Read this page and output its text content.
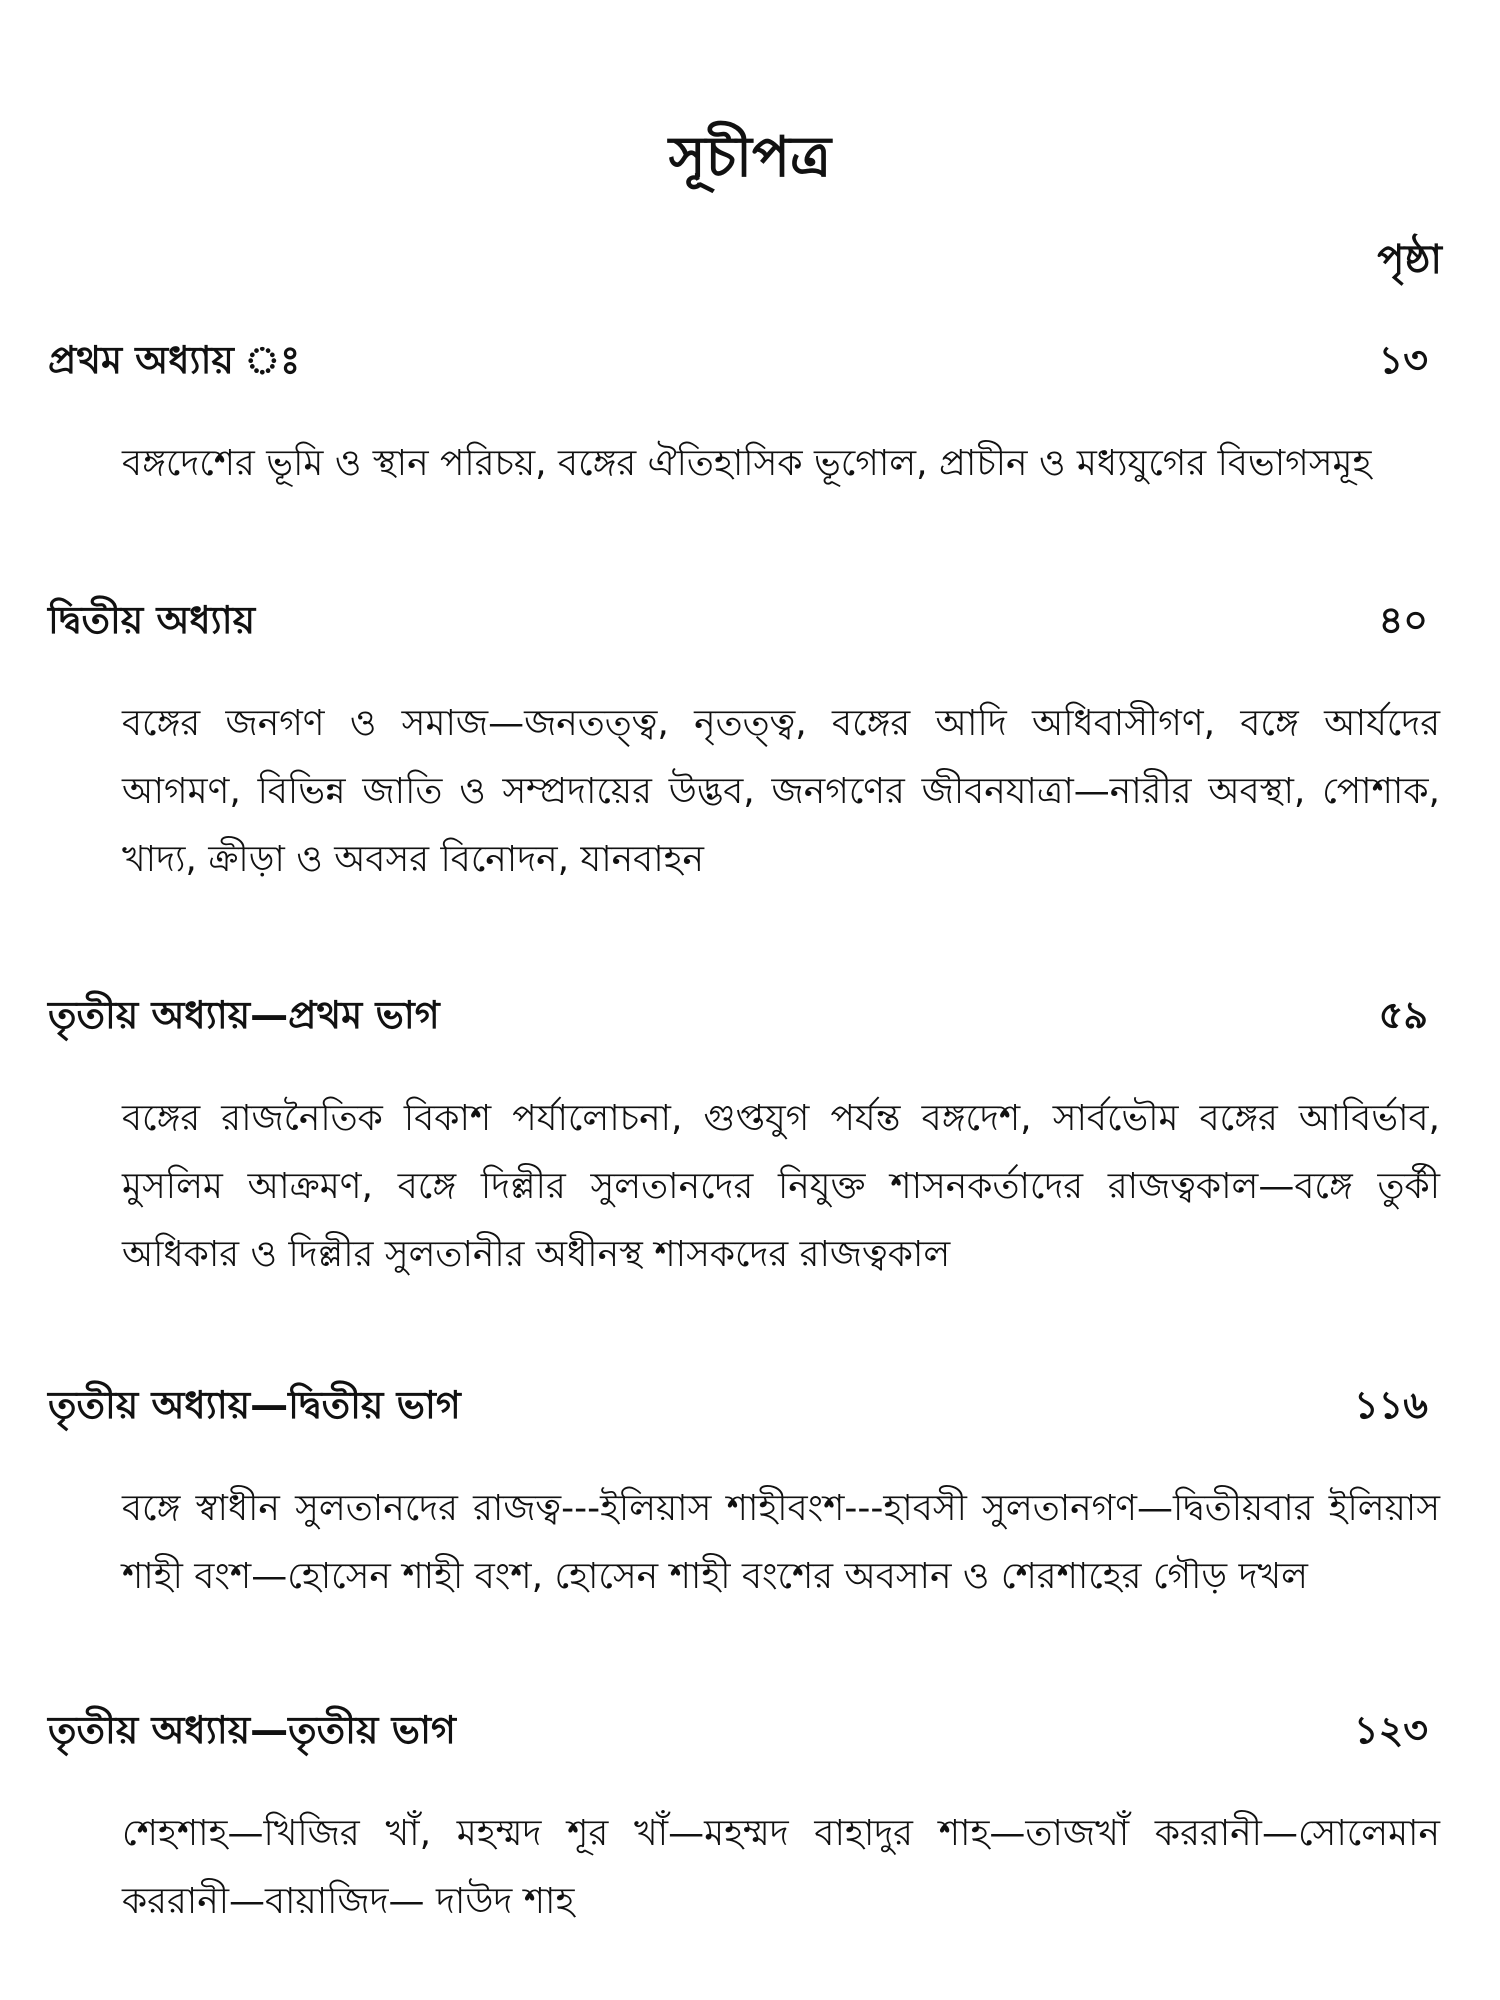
সূচীপত্র
পৃষ্ঠা
প্রথম অধ্যায় ঃ	১৩
বঙ্গদেশের ভূমি ও স্থান পরিচয়, বঙ্গের ঐতিহাসিক ভূগোল, প্রাচীন ও মধ্যযুগের বিভাগসমূহ
দ্বিতীয় অধ্যায়	৪০
বঙ্গের জনগণ ও সমাজ—জনতত্ত্ব, নৃতত্ত্ব, বঙ্গের আদি অধিবাসীগণ, বঙ্গে আর্যদের আগমণ, বিভিন্ন জাতি ও সম্প্রদায়ের উদ্ভব, জনগণের জীবনযাত্রা—নারীর অবস্থা, পোশাক, খাদ্য, ক্রীড়া ও অবসর বিনোদন, যানবাহন
তৃতীয় অধ্যায়—প্রথম ভাগ	৫৯
বঙ্গের রাজনৈতিক বিকাশ পর্যালোচনা, গুপ্তযুগ পর্যন্ত বঙ্গদেশ, সার্বভৌম বঙ্গের আবির্ভাব, মুসলিম আক্রমণ, বঙ্গে দিল্লীর সুলতানদের নিযুক্ত শাসনকর্তাদের রাজত্বকাল—বঙ্গে তুর্কী অধিকার ও দিল্লীর সুলতানীর অধীনস্থ শাসকদের রাজত্বকাল
তৃতীয় অধ্যায়—দ্বিতীয় ভাগ	১১৬
বঙ্গে স্বাধীন সুলতানদের রাজত্ব---ইলিয়াস শাহীবংশ---হাবসী সুলতানগণ—দ্বিতীয়বার ইলিয়াস শাহী বংশ—হোসেন শাহী বংশ, হোসেন শাহী বংশের অবসান ও শেরশাহের গৌড় দখল
তৃতীয় অধ্যায়—তৃতীয় ভাগ	১২৩
শেহশাহ—খিজির খাঁ, মহম্মদ শূর খাঁ—মহম্মদ বাহাদুর শাহ—তাজখাঁ কররানী—সোলেমান কররানী—বায়াজিদ— দাউদ শাহ
